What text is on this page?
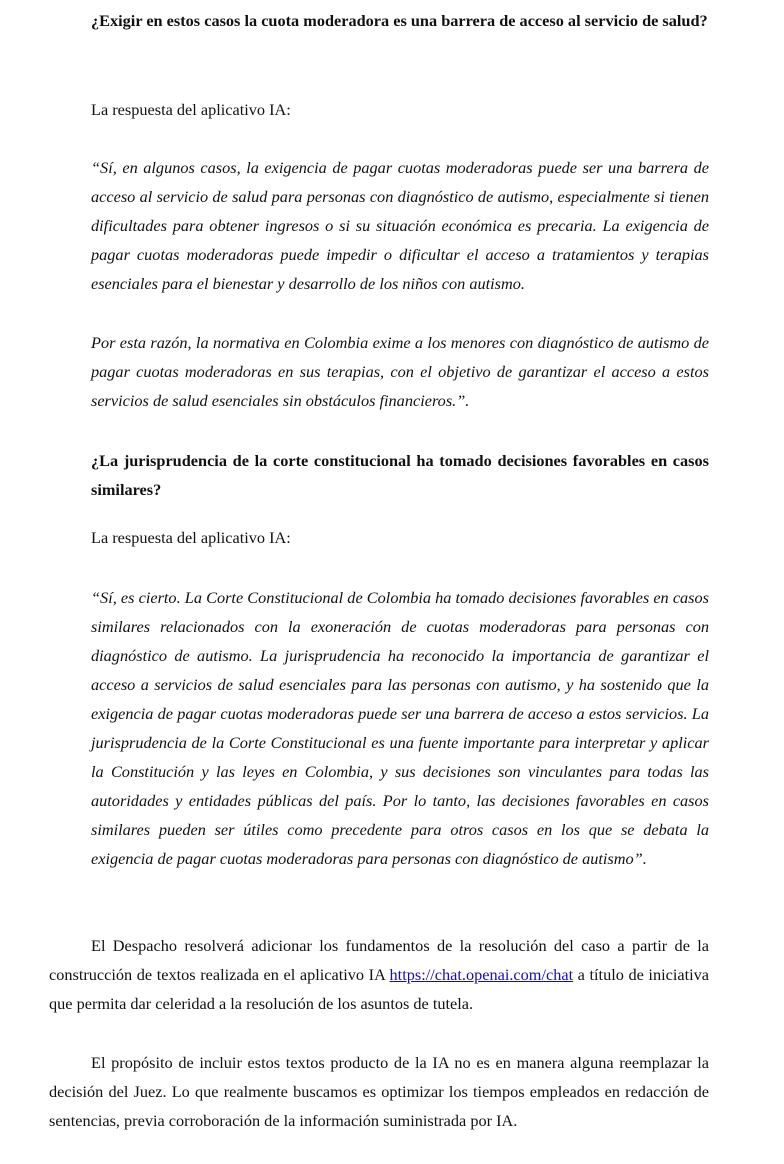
¿Exigir en estos casos la cuota moderadora es una barrera de acceso al servicio de salud?

La respuesta del aplicativo IA:

“Sí, en algunos casos, la exigencia de pagar cuotas moderadoras puede ser una barrera de acceso al servicio de salud para personas con diagnóstico de autismo, especialmente si tienen dificultades para obtener ingresos o si su situación económica es precaria. La exigencia de pagar cuotas moderadoras puede impedir o dificultar el acceso a tratamientos y terapias esenciales para el bienestar y desarrollo de los niños con autismo.

Por esta razón, la normativa en Colombia exime a los menores con diagnóstico de autismo de pagar cuotas moderadoras en sus terapias, con el objetivo de garantizar el acceso a estos servicios de salud esenciales sin obstáculos financieros.”.

¿La jurisprudencia de la corte constitucional ha tomado decisiones favorables en casos similares?

La respuesta del aplicativo IA:

“Sí, es cierto. La Corte Constitucional de Colombia ha tomado decisiones favorables en casos similares relacionados con la exoneración de cuotas moderadoras para personas con diagnóstico de autismo. La jurisprudencia ha reconocido la importancia de garantizar el acceso a servicios de salud esenciales para las personas con autismo, y ha sostenido que la exigencia de pagar cuotas moderadoras puede ser una barrera de acceso a estos servicios. La jurisprudencia de la Corte Constitucional es una fuente importante para interpretar y aplicar la Constitución y las leyes en Colombia, y sus decisiones son vinculantes para todas las autoridades y entidades públicas del país. Por lo tanto, las decisiones favorables en casos similares pueden ser útiles como precedente para otros casos en los que se debata la exigencia de pagar cuotas moderadoras para personas con diagnóstico de autismo”.

El Despacho resolverá adicionar los fundamentos de la resolución del caso a partir de la construcción de textos realizada en el aplicativo IA https://chat.openai.com/chat a título de iniciativa que permita dar celeridad a la resolución de los asuntos de tutela.

El propósito de incluir estos textos producto de la IA no es en manera alguna reemplazar la decisión del Juez. Lo que realmente buscamos es optimizar los tiempos empleados en redacción de sentencias, previa corroboración de la información suministrada por IA.
